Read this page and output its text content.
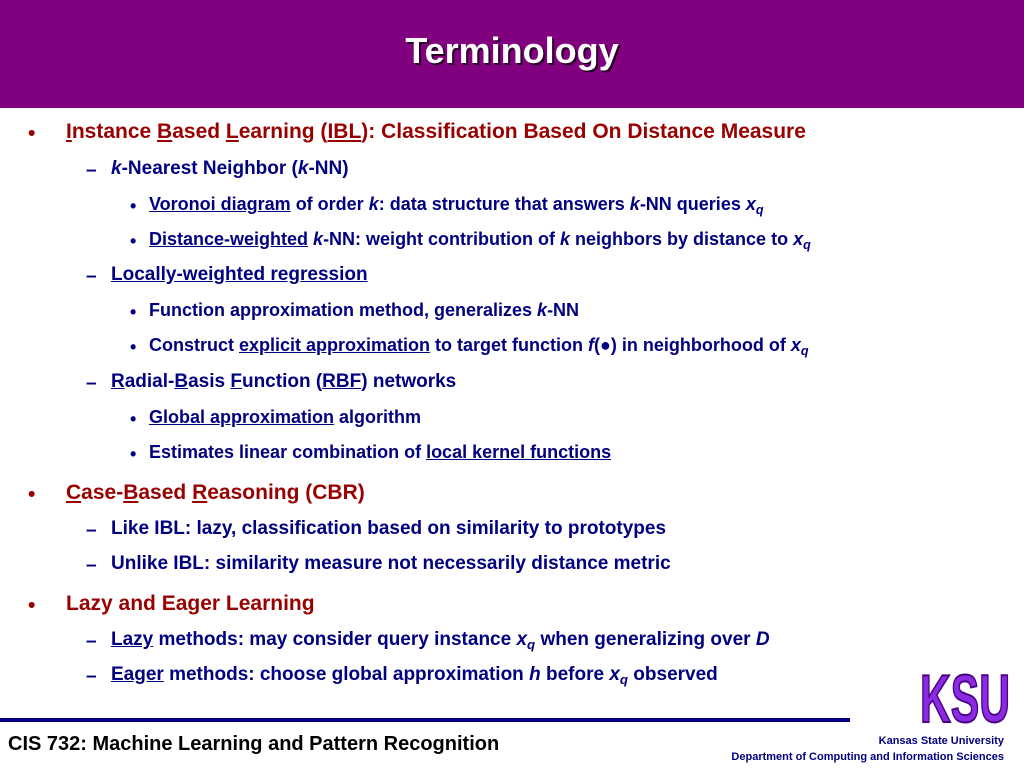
Terminology
• Instance Based Learning (IBL): Classification Based On Distance Measure
– k-Nearest Neighbor (k-NN)
• Voronoi diagram of order k: data structure that answers k-NN queries $x_q$
• Distance-weighted k-NN: weight contribution of k neighbors by distance to $x_q$
– Locally-weighted regression
• Function approximation method, generalizes k-NN
• Construct explicit approximation to target function f(●) in neighborhood of $x_q$
– Radial-Basis Function (RBF) networks
• Global approximation algorithm
• Estimates linear combination of local kernel functions
• Case-Based Reasoning (CBR)
– Like IBL: lazy, classification based on similarity to prototypes
– Unlike IBL: similarity measure not necessarily distance metric
• Lazy and Eager Learning
– Lazy methods: may consider query instance $x_q$ when generalizing over D
– Eager methods: choose global approximation h before $x_q$ observed	KSU
CIS 732: Machine Learning and Pattern Recognition	Kansas State University
Department of Computing and Information Sciences
